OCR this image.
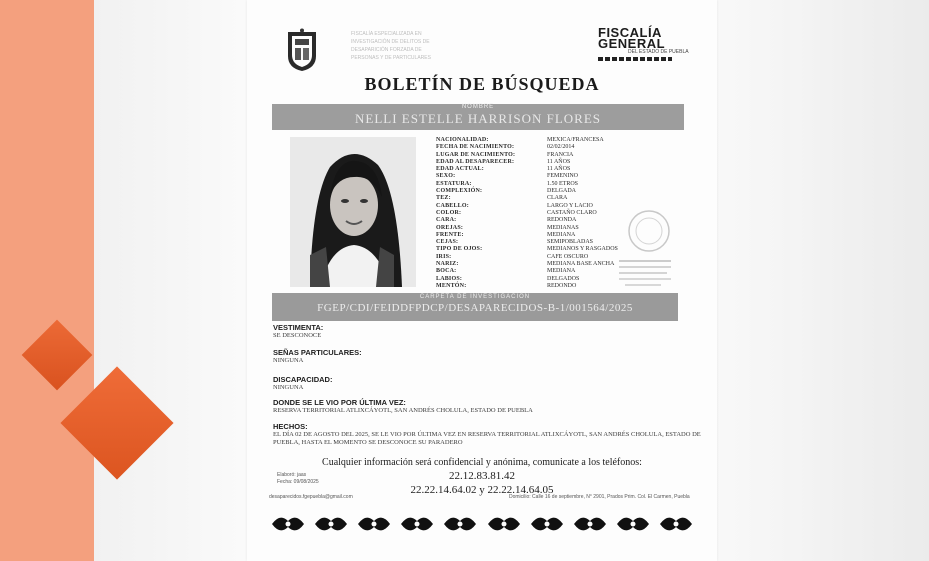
FISCALÍA ESPECIALIZADA EN
INVESTIGACIÓN DE DELITOS DE
DESAPARICIÓN FORZADA DE
PERSONAS Y DE PARTICULARES
FISCALÍA
GENERAL
DEL ESTADO DE PUEBLA
BOLETÍN DE BÚSQUEDA
NOMBRE
NELLI ESTELLE HARRISON FLORES
NACIONALIDAD:	MEXICA/FRANCESA
FECHA DE NACIMIENTO:	02/02/2014
LUGAR DE NACIMIENTO:	FRANCIA
EDAD AL DESAPARECER:	11 AÑOS
EDAD ACTUAL:	11 AÑOS
SEXO:	FEMENINO
ESTATURA:	1.50 ETROS
COMPLEXIÓN:	DELGADA
TEZ:	CLARA
CABELLO:	LARGO Y LACIO
COLOR:	CASTAÑO CLARO
CARA:	REDONDA
OREJAS:	MEDIANAS
FRENTE:	MEDIANA
CEJAS:	SEMIPOBLADAS
TIPO DE OJOS:	MEDIANOS Y RASGADOS
IRIS:	CAFE OSCURO
NARIZ:	MEDIANA BASE ANCHA
BOCA:	MEDIANA
LABIOS:	DELGADOS
MENTÓN:	REDONDO
CARPETA DE INVESTIGACIÓN
FGEP/CDI/FEIDDFPDCP/DESAPARECIDOS-B-1/001564/2025
VESTIMENTA:
SE DESCONOCE
SEÑAS PARTICULARES:
NINGUNA
DISCAPACIDAD:
NINGUNA
DONDE SE LE VIO POR ÚLTIMA VEZ:
RESERVA TERRITORIAL ATLIXCÁYOTL, SAN ANDRÉS CHOLULA, ESTADO DE PUEBLA
HECHOS:
EL DÍA 02 DE AGOSTO DEL 2025, SE LE VIO POR ÚLTIMA VEZ EN RESERVA TERRITORIAL ATLIXCÁYOTL, SAN ANDRÉS CHOLULA, ESTADO DE PUEBLA, HASTA EL MOMENTO SE DESCONOCE SU PARADERO
Cualquier información será confidencial y anónima, comunicate a los teléfonos:
22.12.83.81.42
22.22.14.64.02 y 22.22.14.64.05
Elaboró: jaas
Fecha: 09/08/2025
desaparecidos.fgepuebla@gmail.com	Domicilio: Calle 16 de septiembre, N° 2901, Prados Prim. Col. El Carmen, Puebla
